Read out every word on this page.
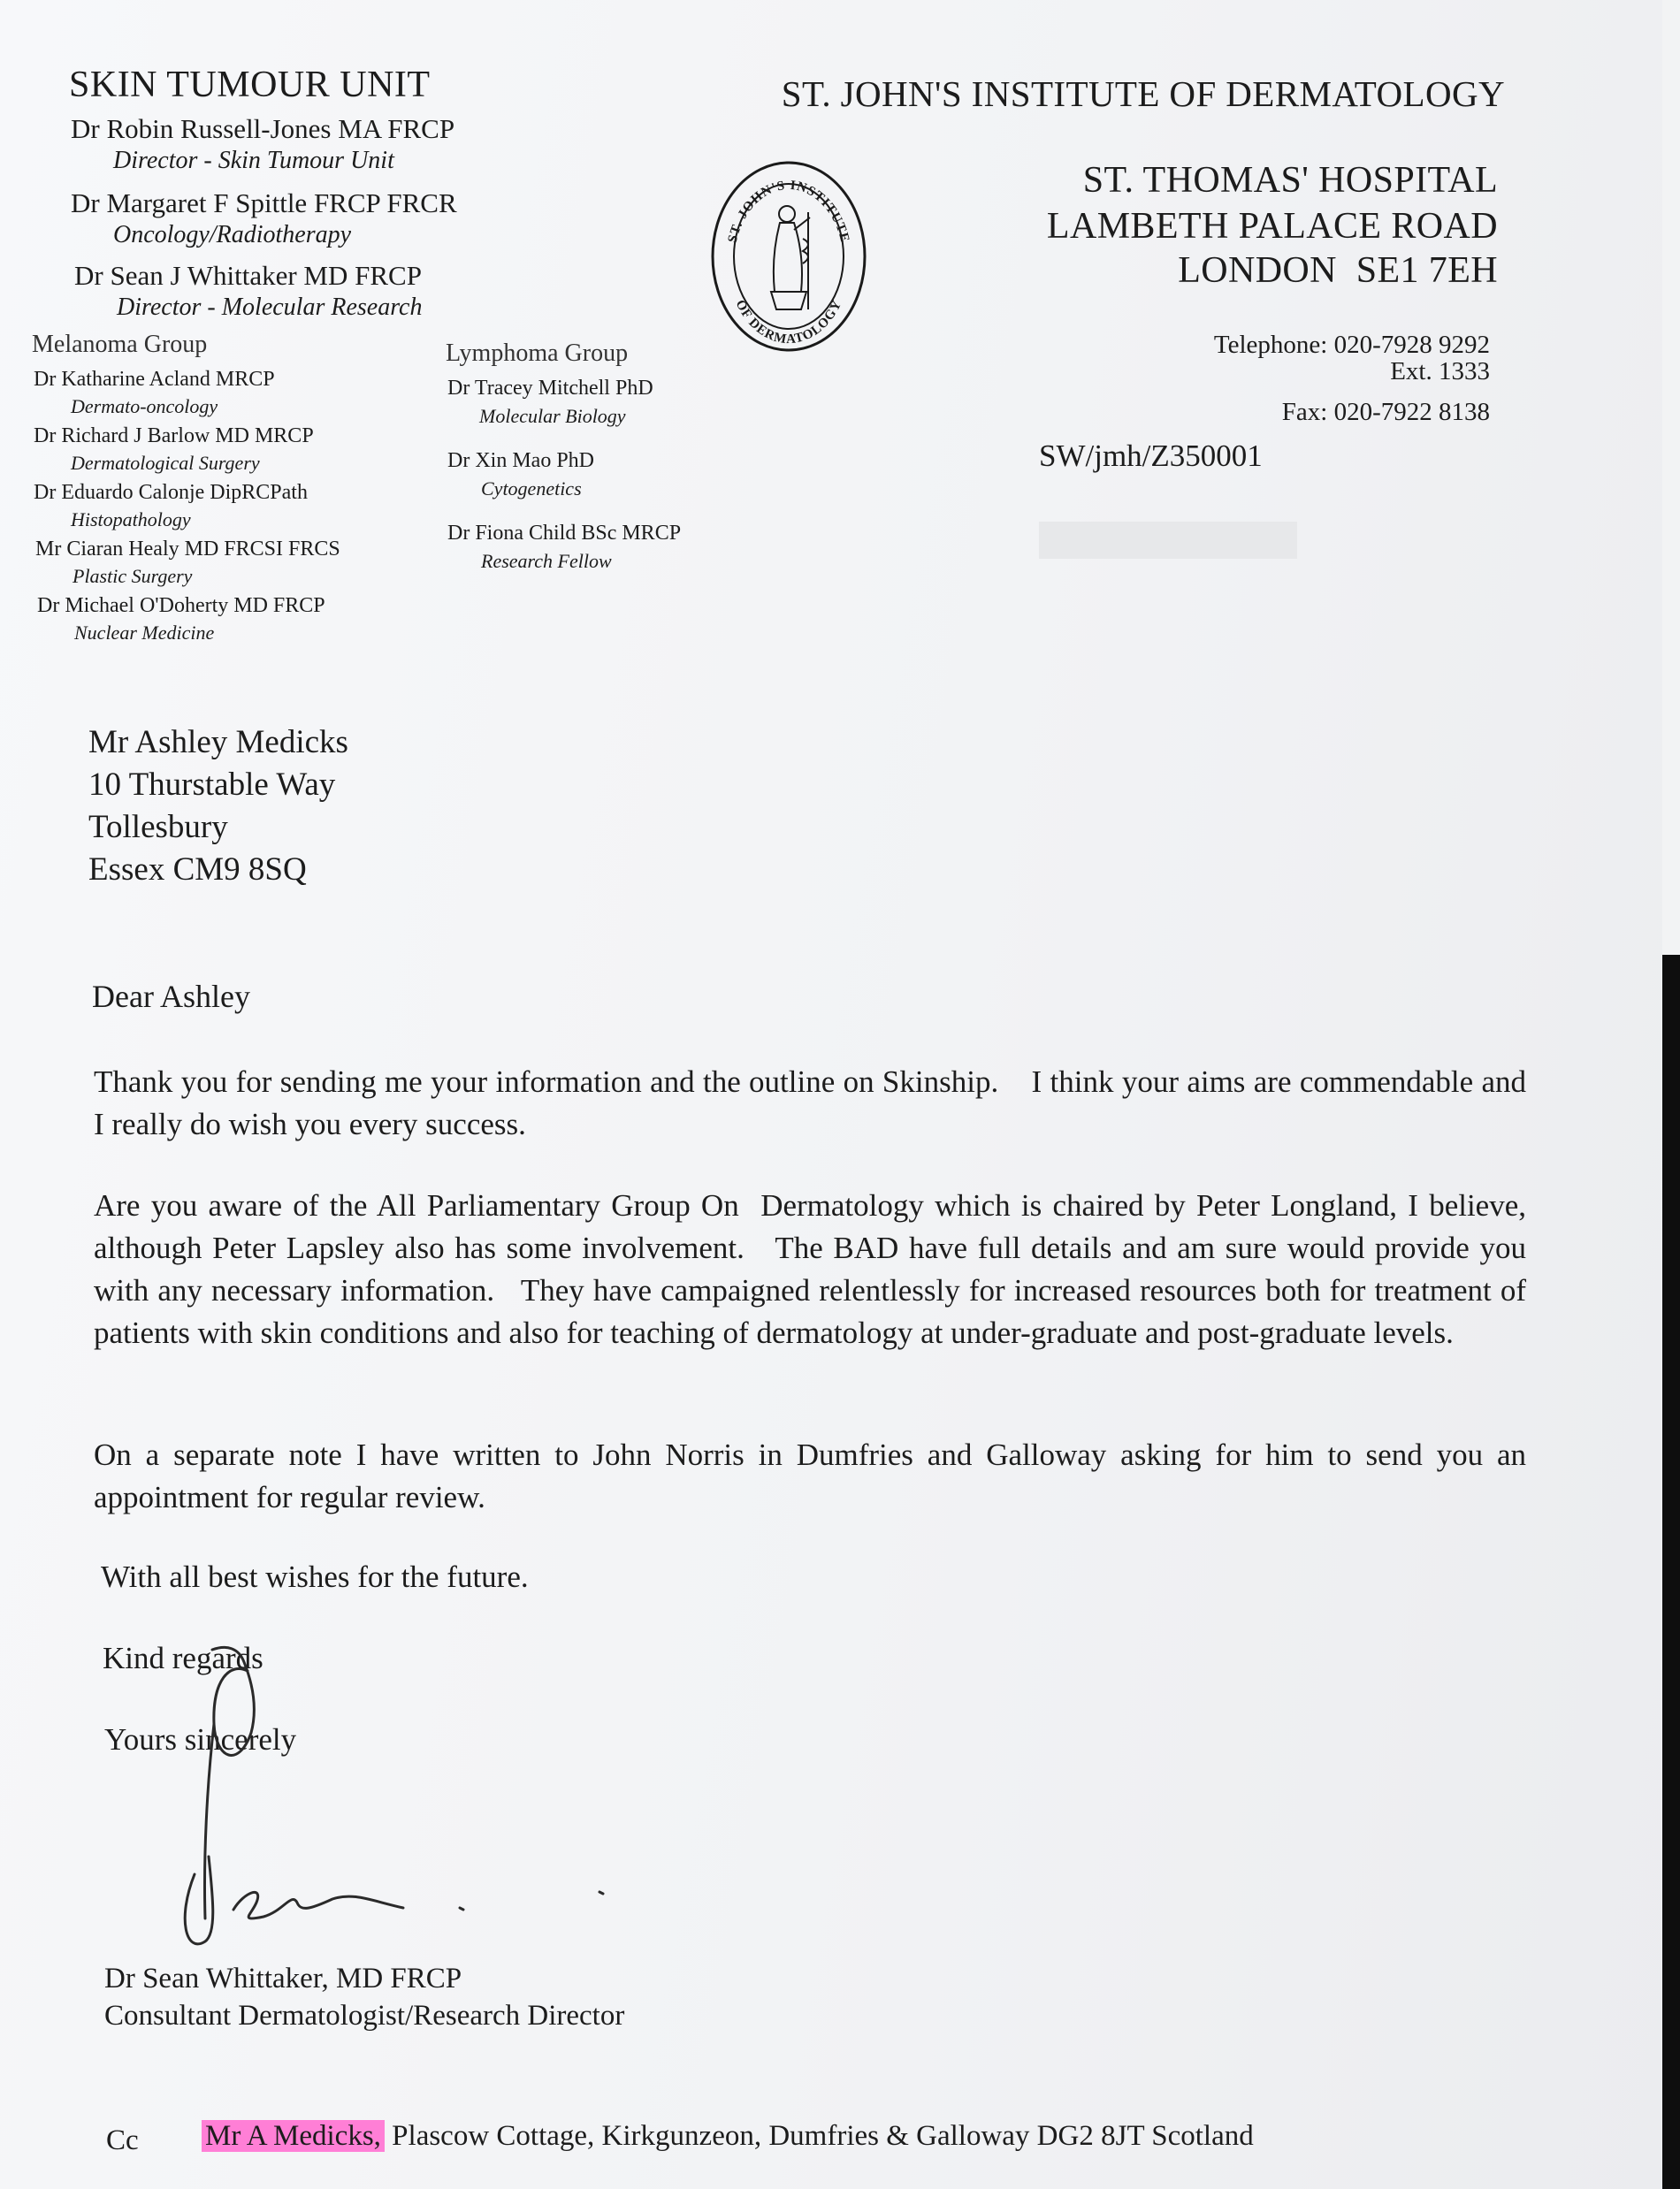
SKIN TUMOUR UNIT
Dr Robin Russell-Jones MA FRCP
Director - Skin Tumour Unit
Dr Margaret F Spittle FRCP FRCR
Oncology/Radiotherapy
Dr Sean J Whittaker MD FRCP
Director - Molecular Research
Melanoma Group
Dr Katharine Acland MRCP
Dermato-oncology
Dr Richard J Barlow MD MRCP
Dermatological Surgery
Dr Eduardo Calonje DipRCPath
Histopathology
Mr Ciaran Healy MD FRCSI FRCS
Plastic Surgery
Dr Michael O'Doherty MD FRCP
Nuclear Medicine
Lymphoma Group
Dr Tracey Mitchell PhD
Molecular Biology
Dr Xin Mao PhD
Cytogenetics
Dr Fiona Child BSc MRCP
Research Fellow
ST. JOHN'S INSTITUTE
OF DERMATOLOGY
ST. JOHN'S INSTITUTE OF DERMATOLOGY
ST. THOMAS' HOSPITAL
LAMBETH PALACE ROAD
LONDON  SE1 7EH
Telephone: 020-7928 9292
Ext. 1333
Fax: 020-7922 8138
SW/jmh/Z350001
Mr Ashley Medicks
10 Thurstable Way
Tollesbury
Essex CM9 8SQ
Dear Ashley

Thank you for sending me your information and the outline on Skinship.    I think your aims are commendable and I really do wish you every success.

Are you aware of the All Parliamentary Group On  Dermatology which is chaired by Peter Longland, I believe, although Peter Lapsley also has some involvement.   The BAD have full details and am sure would provide you with any necessary information.   They have campaigned relentlessly for increased resources both for treatment of patients with skin conditions and also for teaching of dermatology at under-graduate and post-graduate levels.

On a separate note I have written to John Norris in Dumfries and Galloway asking for him to send you an appointment for regular review.

With all best wishes for the future.
Kind regards
Yours sincerely
Dr Sean Whittaker, MD FRCP
Consultant Dermatologist/Research Director
Cc Mr A Medicks, Plascow Cottage, Kirkgunzeon, Dumfries & Galloway DG2 8JT Scotland
